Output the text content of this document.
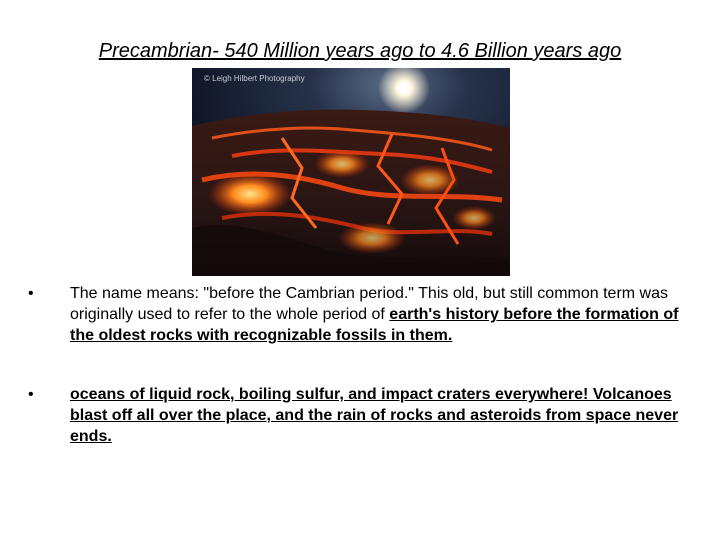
Precambrian- 540 Million years ago to 4.6 Billion years ago
© Leigh Hilbert Photography
• The name means: "before the Cambrian period." This old, but still common term was originally used to refer to the whole period of earth's history before the formation of the oldest rocks with recognizable fossils in them.
• oceans of liquid rock, boiling sulfur, and impact craters everywhere! Volcanoes blast off all over the place, and the rain of rocks and asteroids from space never ends.
